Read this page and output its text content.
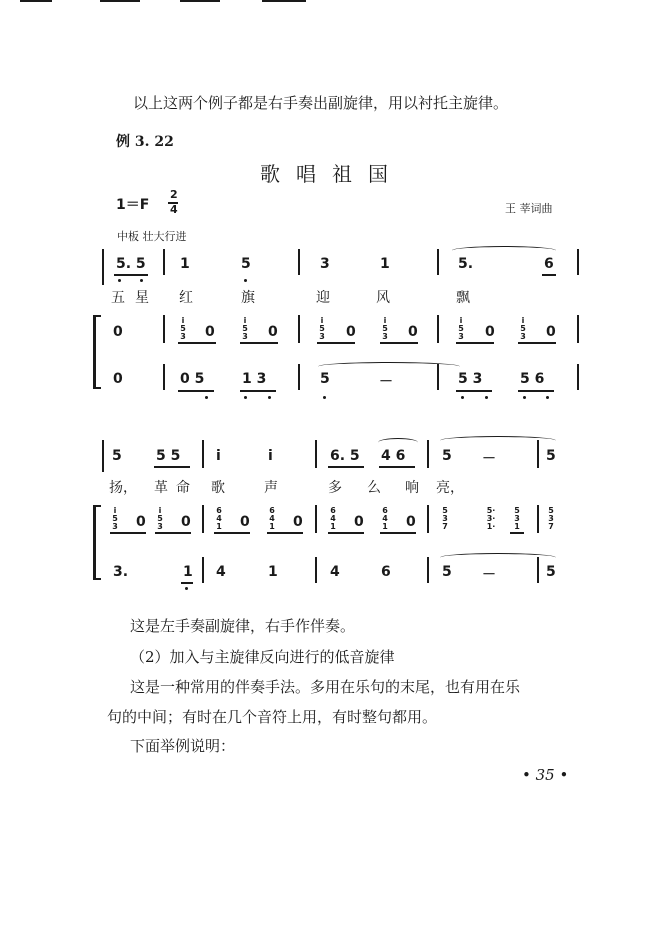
以上这两个例子都是右手奏出副旋律，用以衬托主旋律。
例 3. 22
歌唱祖国
1＝F
2
4	王 莘词曲
中板 壮大行进
5. 5 1	5	3	1	5.	6
五 星 红	旗	迎	风	飘
0
i
5
3 0
i
5
3 0
i
5
3 0
i
5
3 0
i
5
3 0
i
5
3 0
0	0 5	1 3	5	－	5 3	5 6
5 5 5	i	i	6. 5 4 6	5 －	5
扬， 革 命 歌	声	多 么 响 亮，
i
5
3 0
i
5
3 0
6
4
1 0
6
4
1 0
6
4
1 0
6
4
1 0
5
3
7
5·
3·
1·
5
3
1
5
3
7
3.	1 4	1	4	6	5 －	5
这是左手奏副旋律，右手作伴奏。
（2）加入与主旋律反向进行的低音旋律
这是一种常用的伴奏手法。多用在乐句的末尾，也有用在乐
句的中间；有时在几个音符上用，有时整句都用。
下面举例说明：
• 35 •
